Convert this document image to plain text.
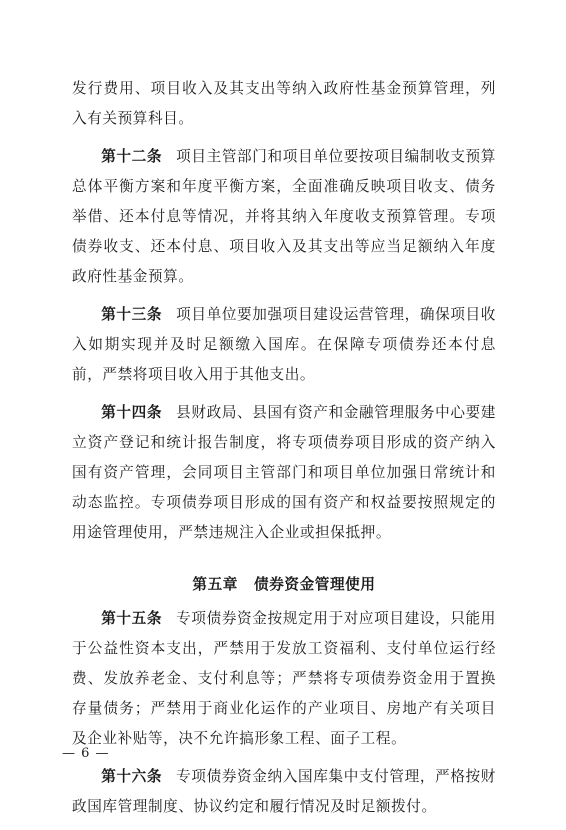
发行费用、项目收入及其支出等纳入政府性基金预算管理，列入有关预算科目。

第十二条 项目主管部门和项目单位要按项目编制收支预算总体平衡方案和年度平衡方案，全面准确反映项目收支、债务举借、还本付息等情况，并将其纳入年度收支预算管理。专项债券收支、还本付息、项目收入及其支出等应当足额纳入年度政府性基金预算。

第十三条 项目单位要加强项目建设运营管理，确保项目收入如期实现并及时足额缴入国库。在保障专项债券还本付息前，严禁将项目收入用于其他支出。

第十四条 县财政局、县国有资产和金融管理服务中心要建立资产登记和统计报告制度，将专项债券项目形成的资产纳入国有资产管理，会同项目主管部门和项目单位加强日常统计和动态监控。专项债券项目形成的国有资产和权益要按照规定的用途管理使用，严禁违规注入企业或担保抵押。

第五章 债券资金管理使用

第十五条 专项债券资金按规定用于对应项目建设，只能用于公益性资本支出，严禁用于发放工资福利、支付单位运行经费、发放养老金、支付利息等；严禁将专项债券资金用于置换存量债务；严禁用于商业化运作的产业项目、房地产有关项目及企业补贴等，决不允许搞形象工程、面子工程。

第十六条 专项债券资金纳入国库集中支付管理，严格按财政国库管理制度、协议约定和履行情况及时足额拨付。

— 6 —
